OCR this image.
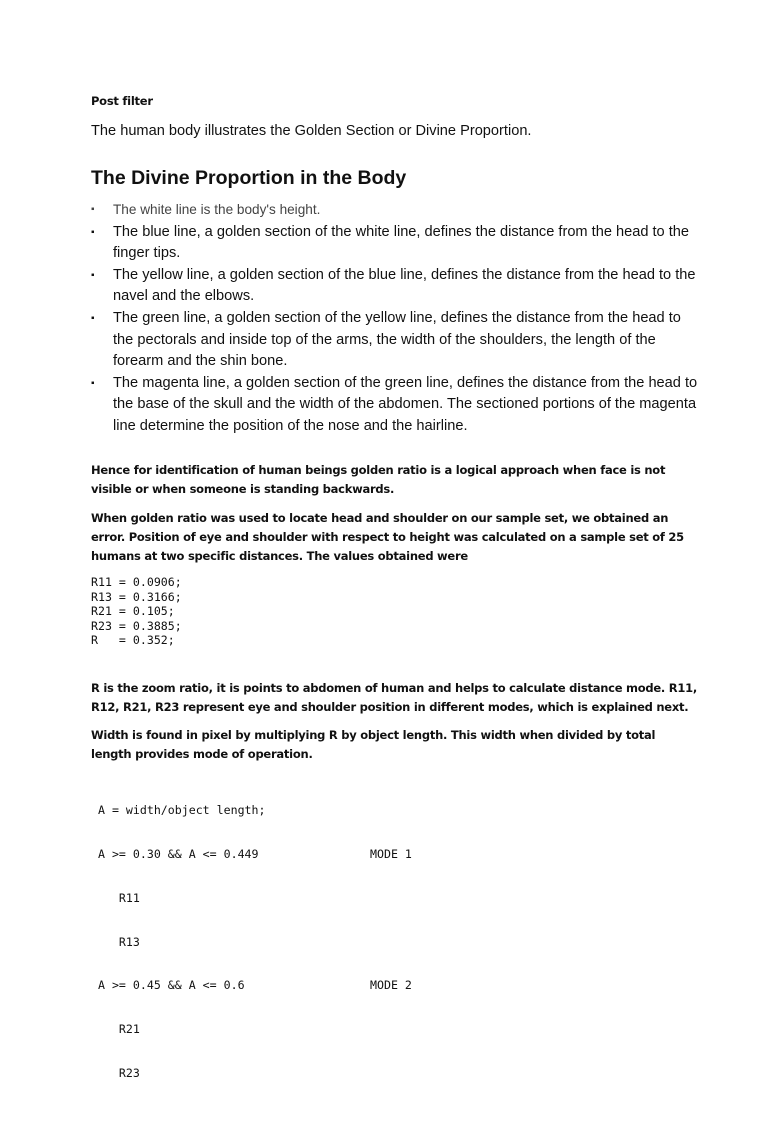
Post filter
The human body illustrates the Golden Section or Divine Proportion.
The Divine Proportion in the Body
▪ The white line is the body's height.
▪ The blue line, a golden section of the white line, defines the distance from the head to the finger tips.
▪ The yellow line, a golden section of the blue line, defines the distance from the head to the navel and the elbows.
▪ The green line, a golden section of the yellow line, defines the distance from the head to the pectorals and inside top of the arms, the width of the shoulders, the length of the forearm and the shin bone.
▪ The magenta line, a golden section of the green line, defines the distance from the head to the base of the skull and the width of the abdomen. The sectioned portions of the magenta line determine the position of the nose and the hairline.
Hence for identification of human beings golden ratio is a logical approach when face is not visible or when someone is standing backwards.
When golden ratio was used to locate head and shoulder on our sample set, we obtained an error. Position of eye and shoulder with respect to height was calculated on a sample set of 25 humans at two specific distances. The values obtained were
R11 = 0.0906;
R13 = 0.3166;
R21 = 0.105;
R23 = 0.3885;
R   = 0.352;
R is the zoom ratio, it is points to abdomen of human and helps to calculate distance mode. R11, R12, R21, R23 represent eye and shoulder position in different modes, which is explained next.
Width is found in pixel by multiplying R by object length. This width when divided by total length provides mode of operation.

A = width/object length;

A >= 0.30 && A <= 0.449

	MODE 1

R11

R13

A >= 0.45 && A <= 0.6

	MODE 2

R21

R23
